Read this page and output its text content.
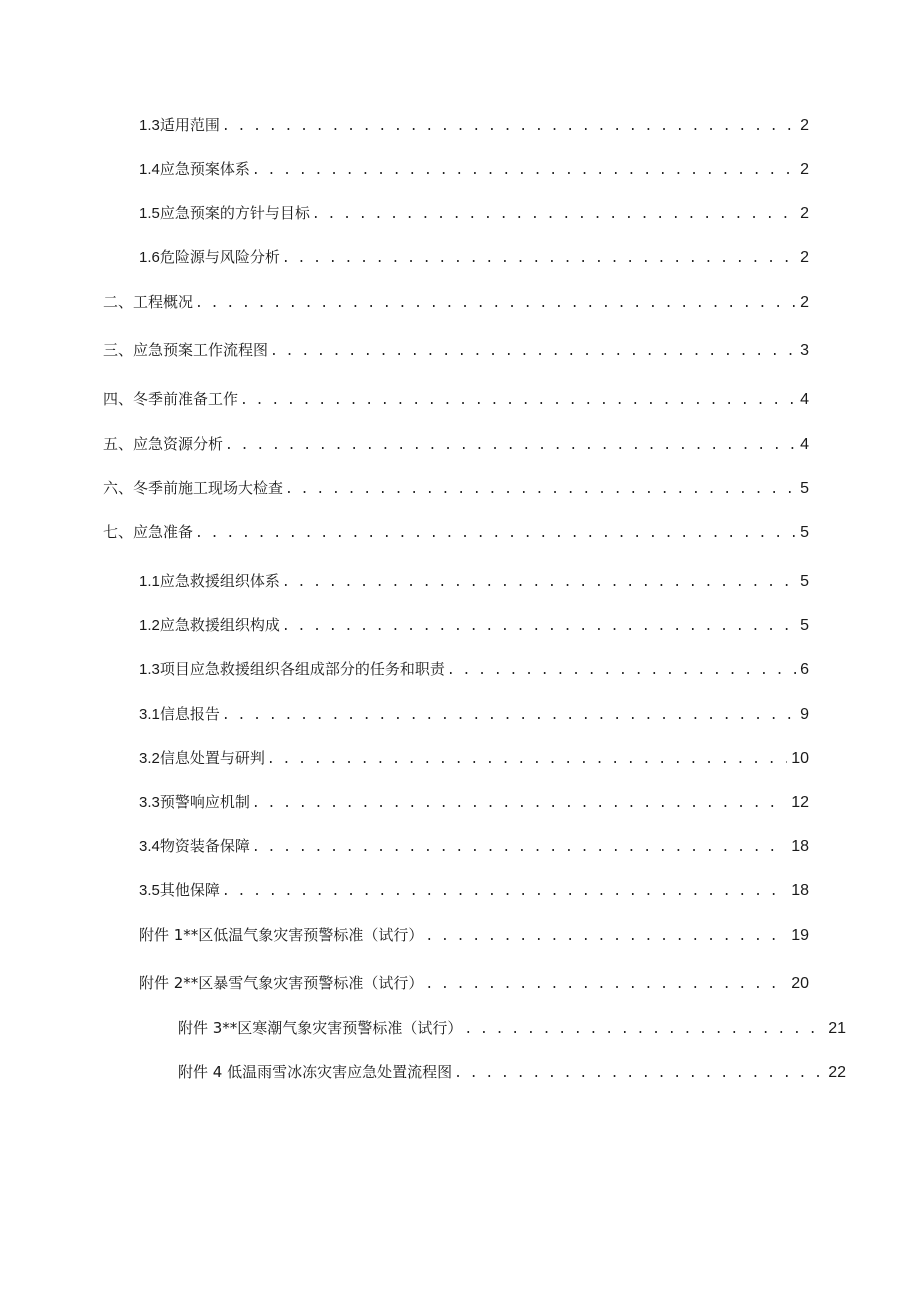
1.3 适用范围 . . .	2
1.4 应急预案体系 . . .	2
1.5 应急预案的方针与目标 . . .	2
1.6 危险源与风险分析 . . .	2
二、工程概况 . . .	2
三、应急预案工作流程图 . . .	3
四、冬季前准备工作 . . .	4
五、应急资源分析 . . .	4
六、冬季前施工现场大检查 . . .	5
七、应急准备 . . .	5
1.1 应急救援组织体系 . . .	5
1.2 应急救援组织构成 . . .	5
1.3 项目应急救援组织各组成部分的任务和职责 . . .	6
3.1 信息报告 . . .	9
3.2 信息处置与研判 . . .	10
3.3 预警响应机制 . . .	12
3.4 物资装备保障 . . .	18
3.5 其他保障 . . .	18
附件 1**区低温气象灾害预警标准（试行） . . .	19
附件 2**区暴雪气象灾害预警标准（试行） . . .	20
附件 3**区寒潮气象灾害预警标准（试行） . . .	21
附件 4 低温雨雪冰冻灾害应急处置流程图 . . .	22
